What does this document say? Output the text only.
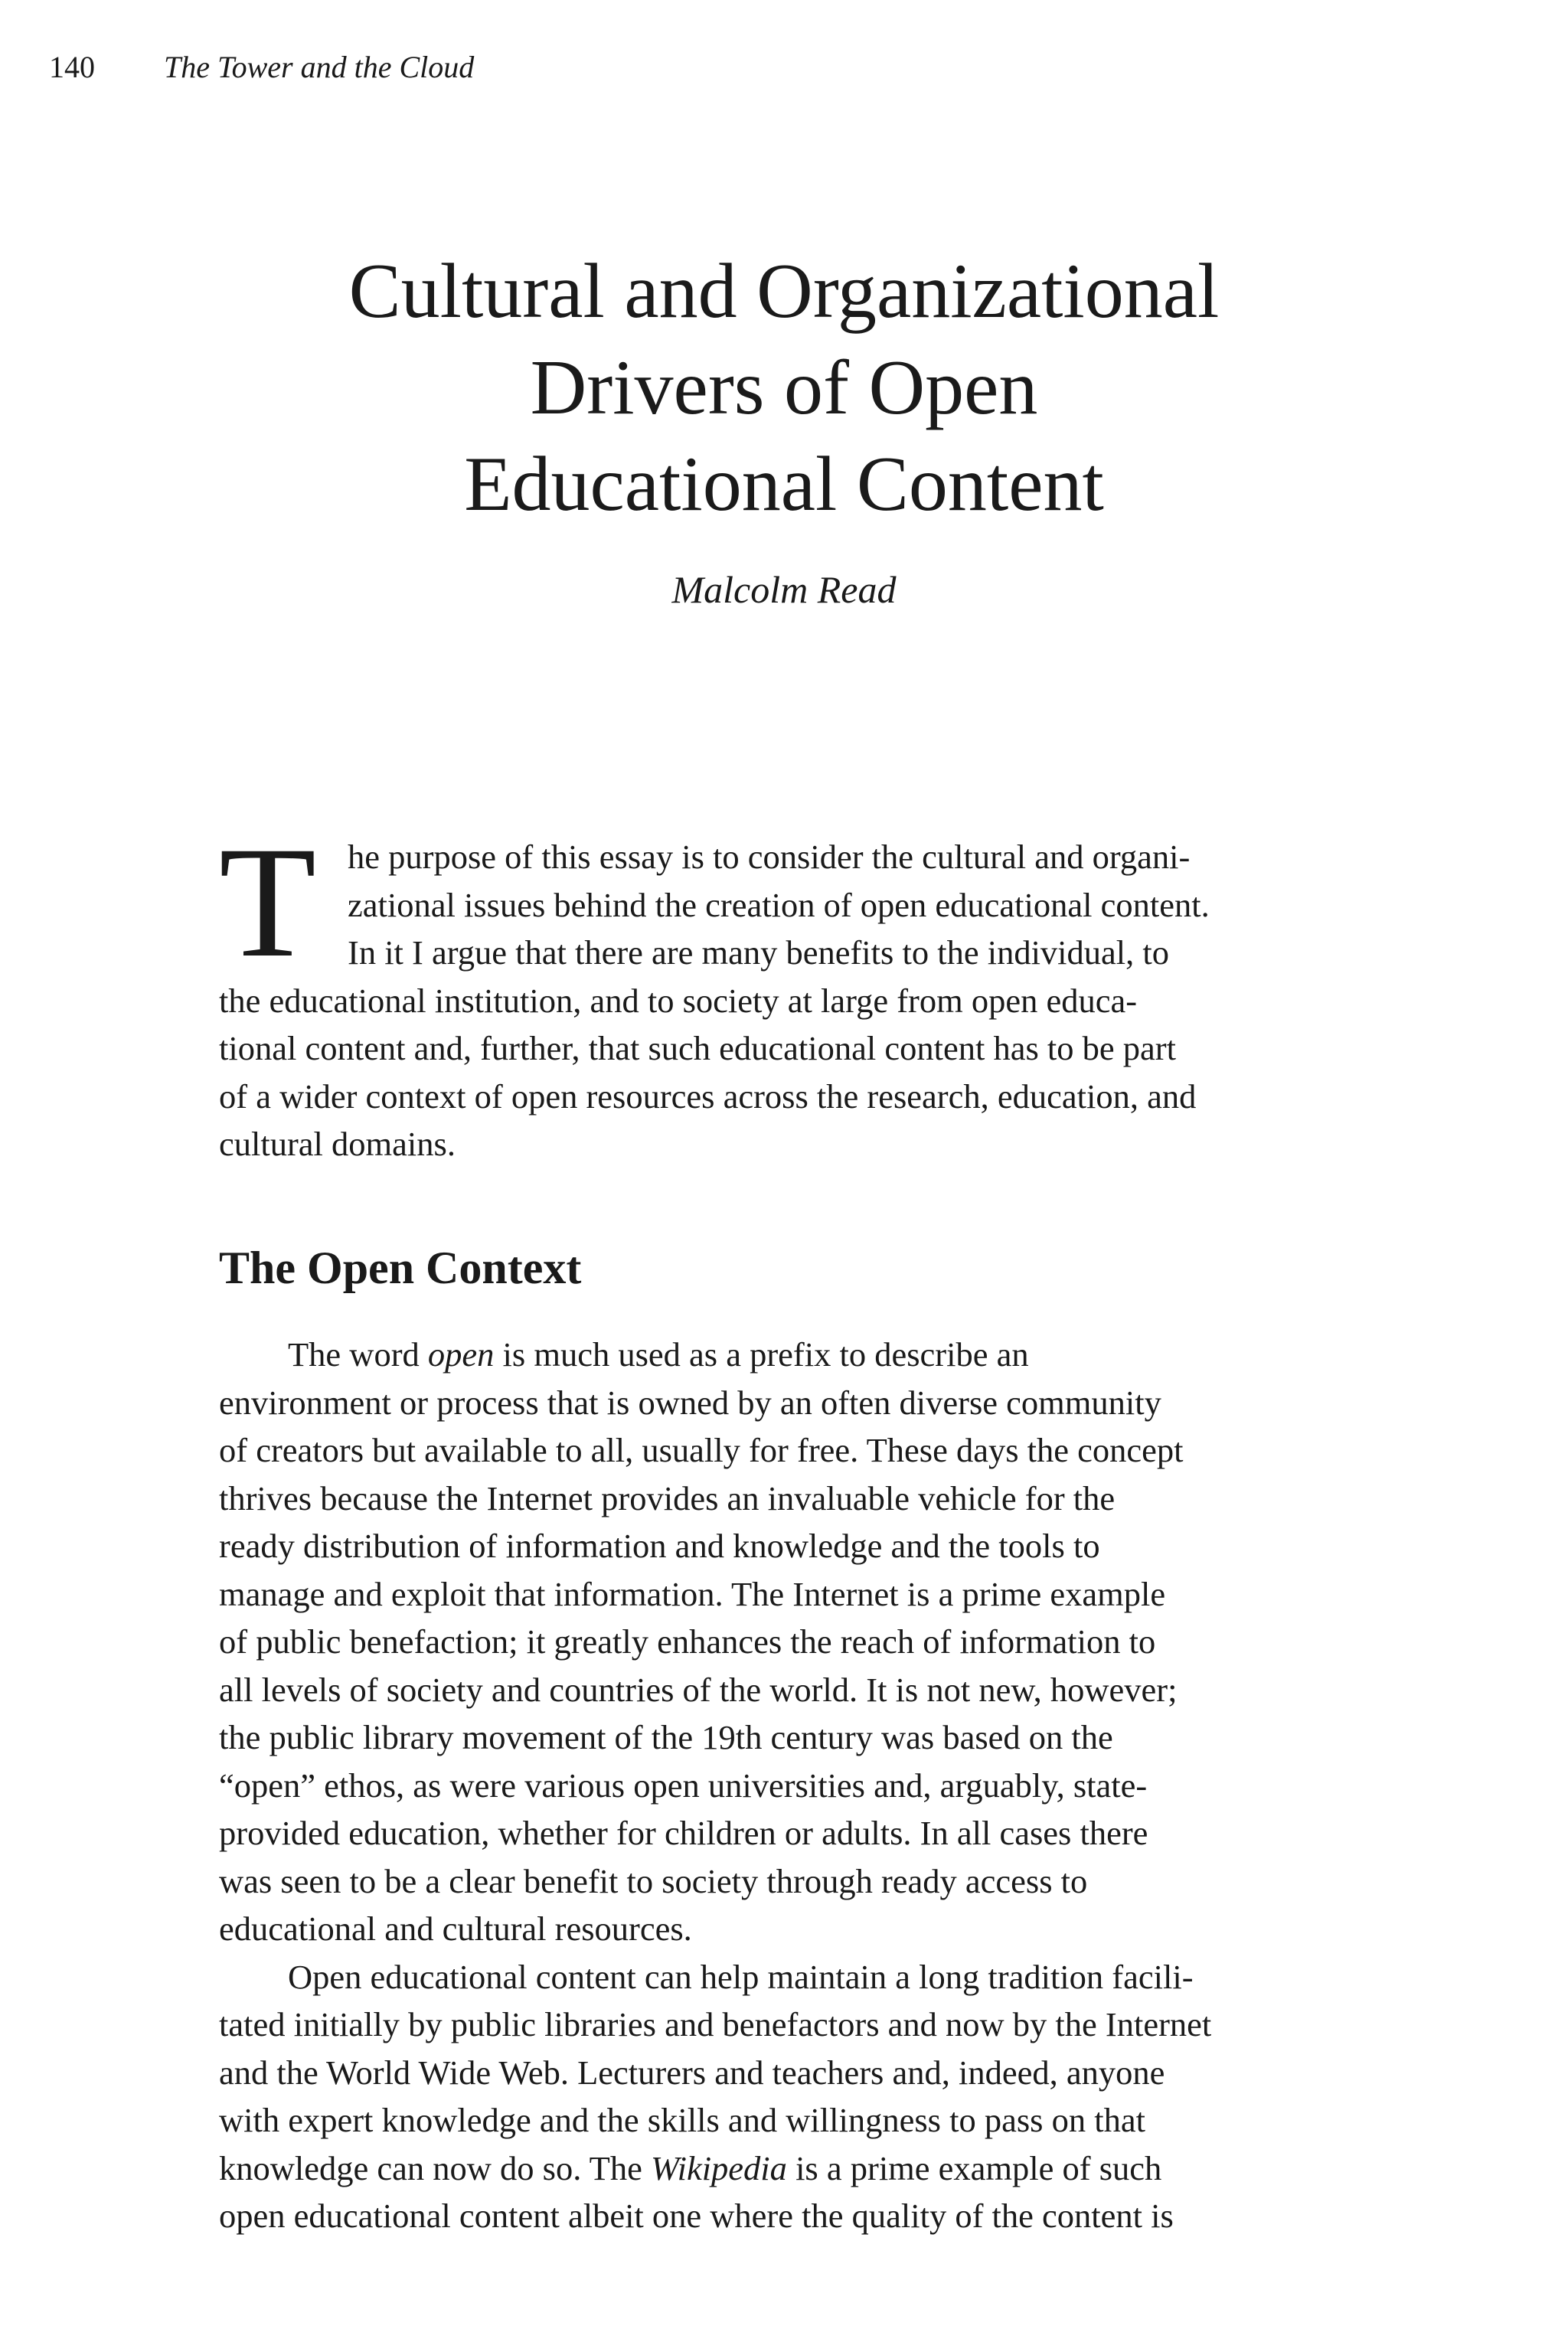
140 The Tower and the Cloud
Cultural and Organizational
Drivers of Open
Educational Content
Malcolm Read
T he purpose of this essay is to consider the cultural and organi-
zational issues behind the creation of open educational content.
In it I argue that there are many benefits to the individual, to
the educational institution, and to society at large from open educa-
tional content and, further, that such educational content has to be part
of a wider context of open resources across the research, education, and
cultural domains.
The Open Context
The word open is much used as a prefix to describe an
environment or process that is owned by an often diverse community
of creators but available to all, usually for free. These days the concept
thrives because the Internet provides an invaluable vehicle for the
ready distribution of information and knowledge and the tools to
manage and exploit that information. The Internet is a prime example
of public benefaction; it greatly enhances the reach of information to
all levels of society and countries of the world. It is not new, however;
the public library movement of the 19th century was based on the
“open” ethos, as were various open universities and, arguably, state-
provided education, whether for children or adults. In all cases there
was seen to be a clear benefit to society through ready access to
educational and cultural resources.
Open educational content can help maintain a long tradition facili-
tated initially by public libraries and benefactors and now by the Internet
and the World Wide Web. Lecturers and teachers and, indeed, anyone
with expert knowledge and the skills and willingness to pass on that
knowledge can now do so. The Wikipedia is a prime example of such
open educational content albeit one where the quality of the content is
